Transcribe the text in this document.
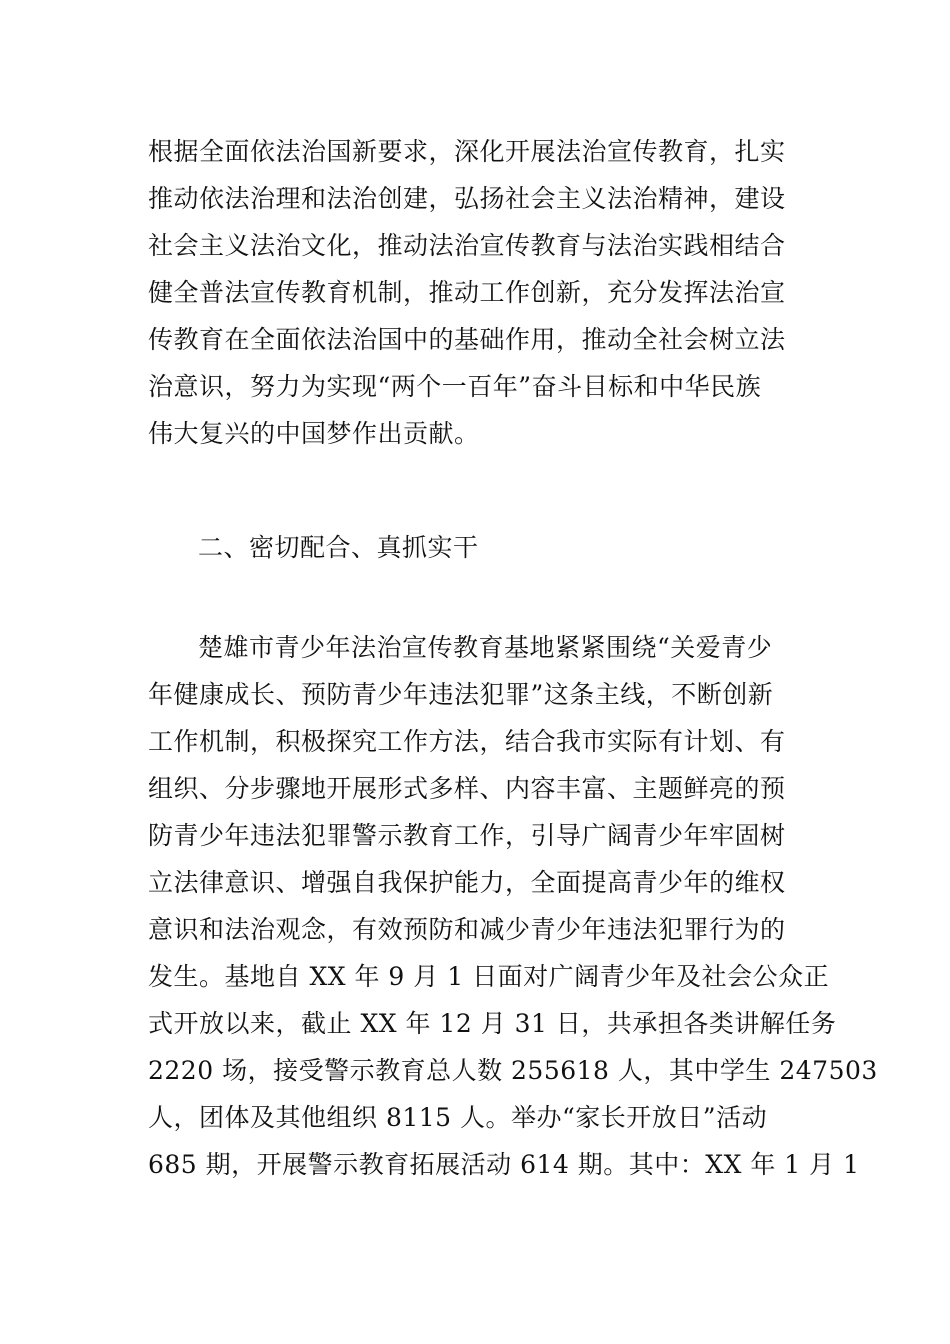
根据全面依法治国新要求，深化开展法治宣传教育，扎实
推动依法治理和法治创建，弘扬社会主义法治精神，建设
社会主义法治文化，推动法治宣传教育与法治实践相结合
健全普法宣传教育机制，推动工作创新，充分发挥法治宣
传教育在全面依法治国中的基础作用，推动全社会树立法
治意识，努力为实现“两个一百年”奋斗目标和中华民族
伟大复兴的中国梦作出贡献。
二、密切配合、真抓实干
楚雄市青少年法治宣传教育基地紧紧围绕“关爱青少
年健康成长、预防青少年违法犯罪”这条主线，不断创新
工作机制，积极探究工作方法，结合我市实际有计划、有
组织、分步骤地开展形式多样、内容丰富、主题鲜亮的预
防青少年违法犯罪警示教育工作，引导广阔青少年牢固树
立法律意识、增强自我保护能力，全面提高青少年的维权
意识和法治观念，有效预防和减少青少年违法犯罪行为的
发生。基地自 XX 年 9 月 1 日面对广阔青少年及社会公众正
式开放以来，截止 XX 年 12 月 31 日，共承担各类讲解任务
2220 场，接受警示教育总人数 255618 人，其中学生 247503
人，团体及其他组织 8115 人。举办“家长开放日”活动
685 期，开展警示教育拓展活动 614 期。其中：XX 年 1 月 1
